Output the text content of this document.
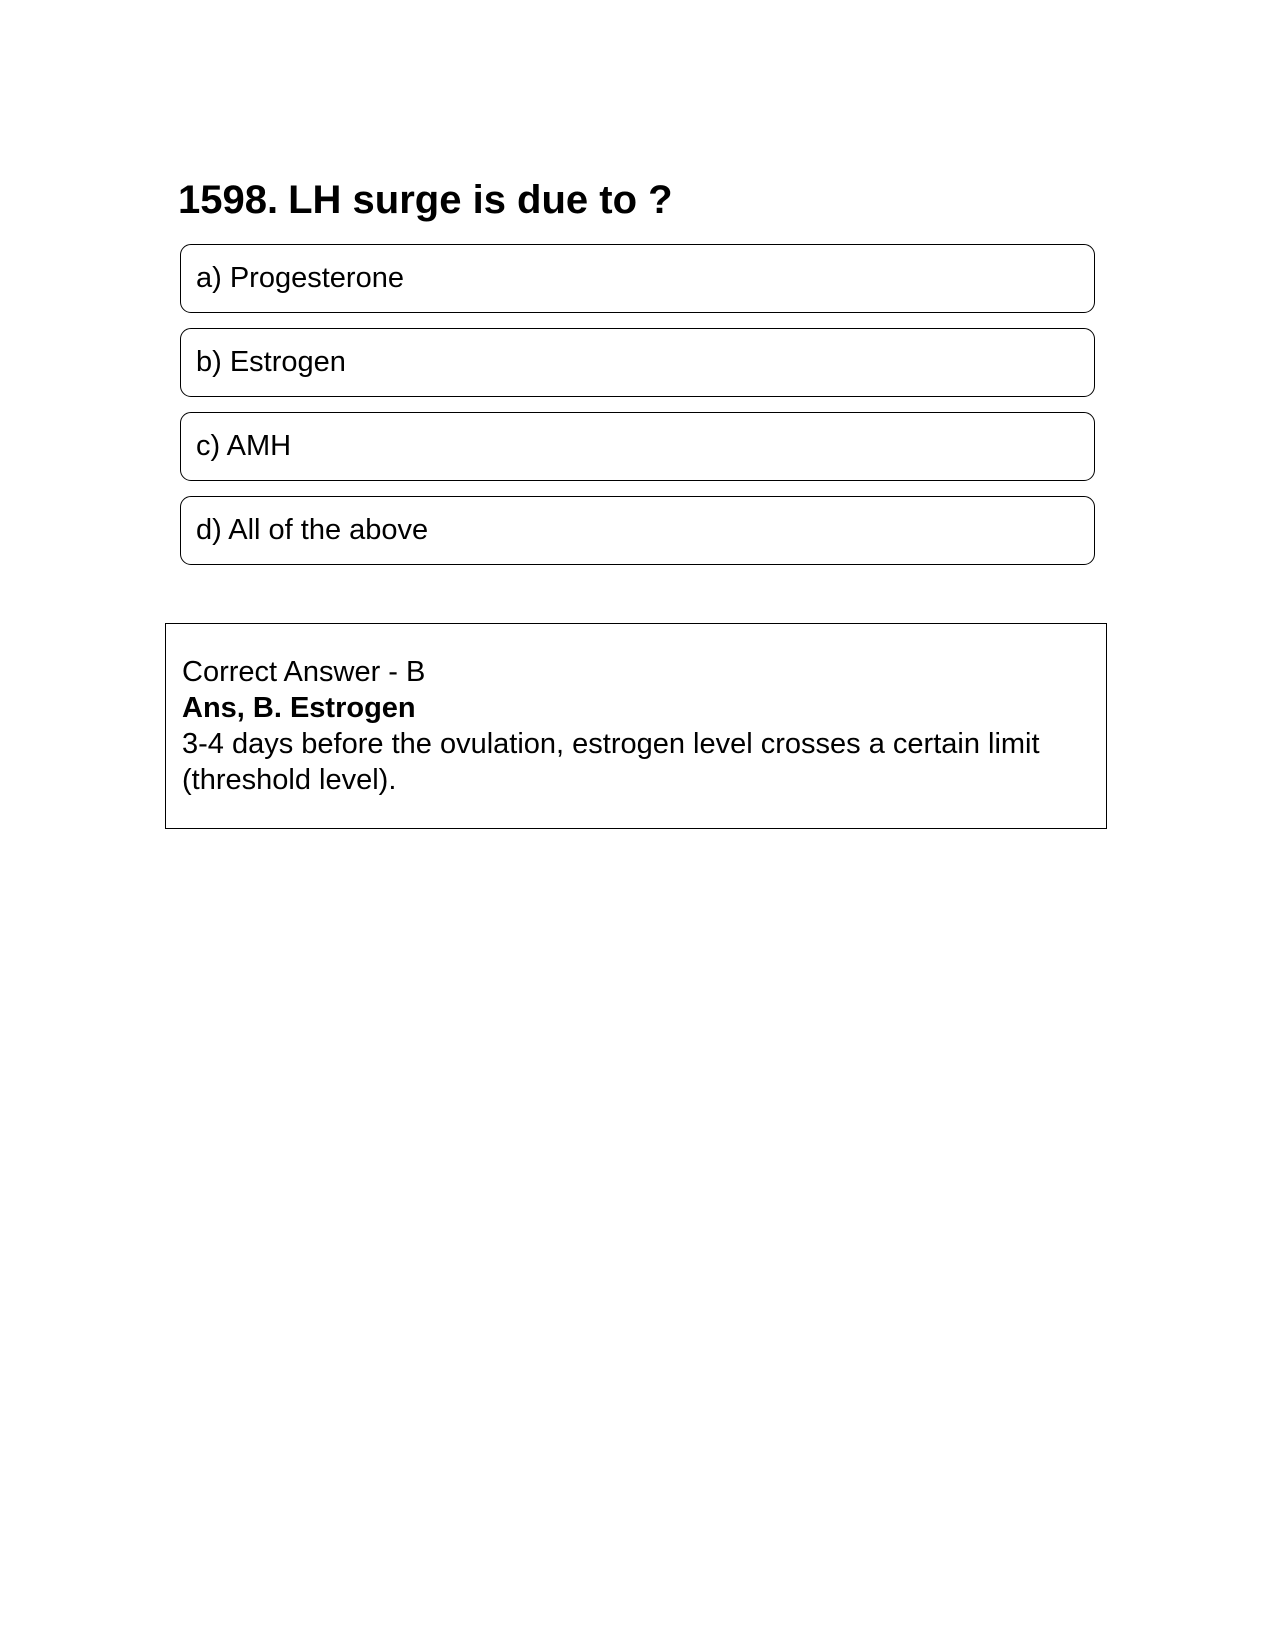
1598. LH surge is due to ?
a) Progesterone
b) Estrogen
c) AMH
d) All of the above
Correct Answer - B
Ans, B. Estrogen
3-4 days before the ovulation, estrogen level crosses a certain limit (threshold level).
